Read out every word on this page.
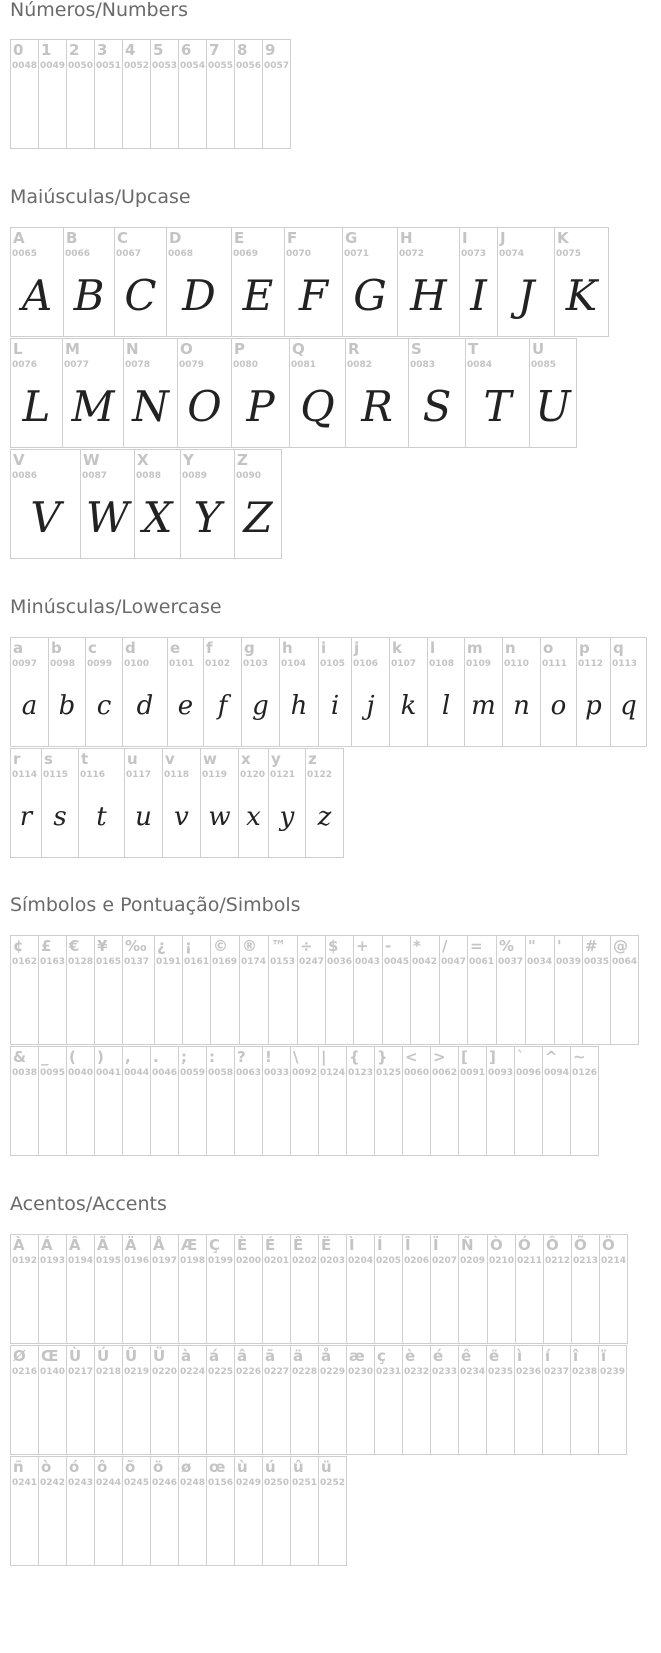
Números/Numbers
0
0048
1
0049
2
0050
3
0051
4
0052
5
0053
6
0054
7
0055
8
0056
9
0057
Maiúsculas/Upcase
A
0065
A
B
0066
B
C
0067
C
D
0068
D
E
0069
E
F
0070
F
G
0071
G
H
0072
H
I
0073
I
J
0074
J
K
0075
K
L
0076
L
M
0077
M
N
0078
N
O
0079
O
P
0080
P
Q
0081
Q
R
0082
R
S
0083
S
T
0084
T
U
0085
U
V
0086
V
W
0087
W
X
0088
X
Y
0089
Y
Z
0090
Z
Minúsculas/Lowercase
a
0097
a
b
0098
b
c
0099
c
d
0100
d
e
0101
e
f
0102
f
g
0103
g
h
0104
h
i
0105
i
j
0106
j
k
0107
k
l
0108
l
m
0109
m
n
0110
n
o
0111
o
p
0112
p
q
0113
q
r
0114
r
s
0115
s
t
0116
t
u
0117
u
v
0118
v
w
0119
w
x
0120
x
y
0121
y
z
0122
z
Símbolos e Pontuação/Simbols
¢
0162
£
0163
€
0128
¥
0165
‰
0137
¿
0191
¡
0161
©
0169
®
0174
™
0153
÷
0247
$
0036
+
0043
-
0045
*
0042
/
0047
=
0061
%
0037
"
0034
'
0039
#
0035
@
0064
&
0038
_
0095
(
0040
)
0041
,
0044
.
0046
;
0059
:
0058
?
0063
!
0033
\
0092
|
0124
{
0123
}
0125
<
0060
>
0062
[
0091
]
0093
`
0096
^
0094
~
0126
Acentos/Accents
À
0192
Á
0193
Â
0194
Ã
0195
Ä
0196
Å
0197
Æ
0198
Ç
0199
È
0200
É
0201
Ê
0202
Ë
0203
Ì
0204
Í
0205
Î
0206
Ï
0207
Ñ
0209
Ò
0210
Ó
0211
Ô
0212
Õ
0213
Ö
0214
Ø
0216
Œ
0140
Ù
0217
Ú
0218
Û
0219
Ü
0220
à
0224
á
0225
â
0226
ã
0227
ä
0228
å
0229
æ
0230
ç
0231
è
0232
é
0233
ê
0234
ë
0235
ì
0236
í
0237
î
0238
ï
0239
ñ
0241
ò
0242
ó
0243
ô
0244
õ
0245
ö
0246
ø
0248
œ
0156
ù
0249
ú
0250
û
0251
ü
0252
